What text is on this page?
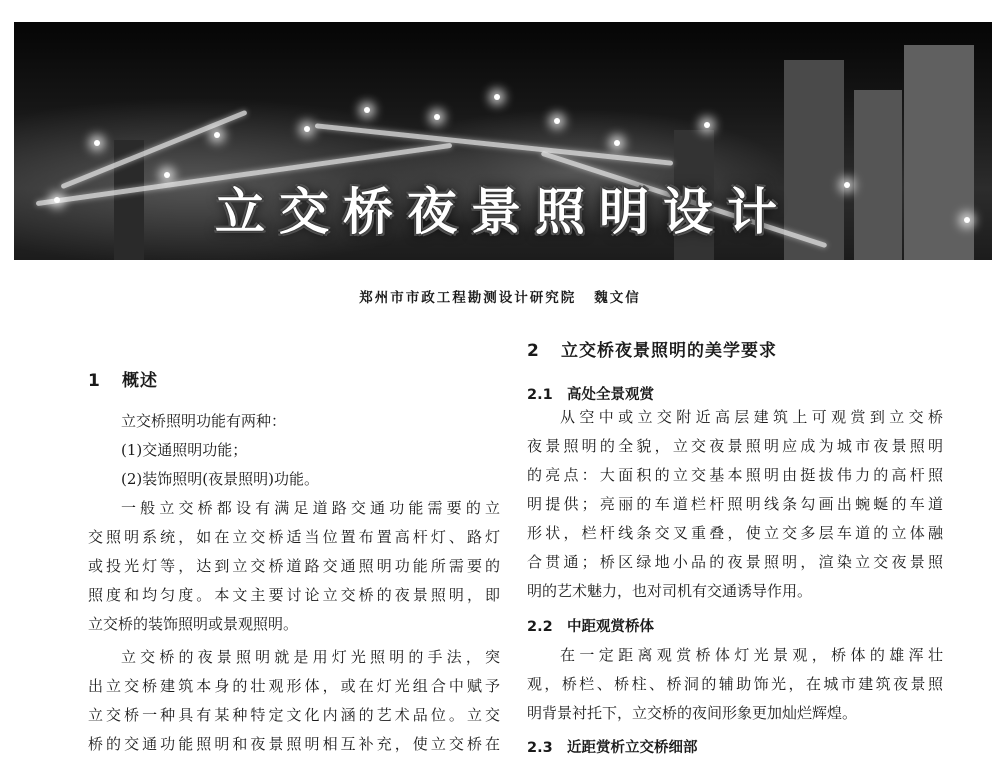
立交桥夜景照明设计
郑州市市政工程勘测设计研究院 魏文信
1 概述
立交桥照明功能有两种：
(1)交通照明功能；
(2)装饰照明(夜景照明)功能。
一般立交桥都设有满足道路交通功能需要的立
交照明系统，如在立交桥适当位置布置高杆灯、路灯
或投光灯等，达到立交桥道路交通照明功能所需要的
照度和均匀度。本文主要讨论立交桥的夜景照明，即
立交桥的装饰照明或景观照明。
立交桥的夜景照明就是用灯光照明的手法，突
出立交桥建筑本身的壮观形体，或在灯光组合中赋予
立交桥一种具有某种特定文化内涵的艺术品位。立交
桥的交通功能照明和夜景照明相互补充，使立交桥在
2 立交桥夜景照明的美学要求
2.1 高处全景观赏
从空中或立交附近高层建筑上可观赏到立交桥
夜景照明的全貌，立交夜景照明应成为城市夜景照明
的亮点：大面积的立交基本照明由挺拔伟力的高杆照
明提供；亮丽的车道栏杆照明线条勾画出蜿蜒的车道
形状，栏杆线条交叉重叠，使立交多层车道的立体融
合贯通；桥区绿地小品的夜景照明，渲染立交夜景照
明的艺术魅力，也对司机有交通诱导作用。
2.2 中距观赏桥体
在一定距离观赏桥体灯光景观，桥体的雄浑壮
观，桥栏、桥柱、桥洞的辅助饰光，在城市建筑夜景照
明背景衬托下，立交桥的夜间形象更加灿烂辉煌。
2.3 近距赏析立交桥细部
